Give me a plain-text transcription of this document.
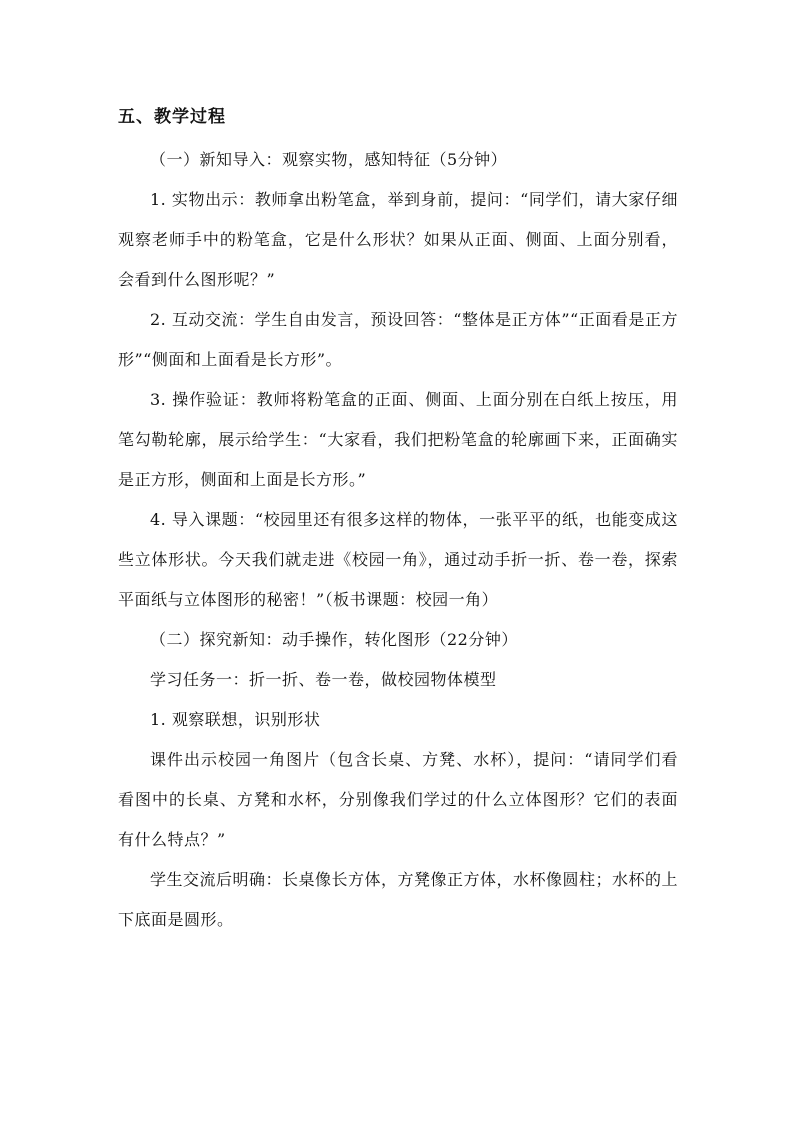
五、教学过程

（一）新知导入：观察实物，感知特征（5分钟）

1. 实物出示：教师拿出粉笔盒，举到身前，提问：“同学们，请大家仔细观察老师手中的粉笔盒，它是什么形状？如果从正面、侧面、上面分别看，会看到什么图形呢？”

2. 互动交流：学生自由发言，预设回答：“整体是正方体”“正面看是正方形”“侧面和上面看是长方形”。

3. 操作验证：教师将粉笔盒的正面、侧面、上面分别在白纸上按压，用笔勾勒轮廓，展示给学生：“大家看，我们把粉笔盒的轮廓画下来，正面确实是正方形，侧面和上面是长方形。”

4. 导入课题：“校园里还有很多这样的物体，一张平平的纸，也能变成这些立体形状。今天我们就走进《校园一角》，通过动手折一折、卷一卷，探索平面纸与立体图形的秘密！”（板书课题：校园一角）

（二）探究新知：动手操作，转化图形（22分钟）

学习任务一：折一折、卷一卷，做校园物体模型

1. 观察联想，识别形状

课件出示校园一角图片（包含长桌、方凳、水杯），提问：“请同学们看看图中的长桌、方凳和水杯，分别像我们学过的什么立体图形？它们的表面有什么特点？”

学生交流后明确：长桌像长方体，方凳像正方体，水杯像圆柱；水杯的上下底面是圆形。
